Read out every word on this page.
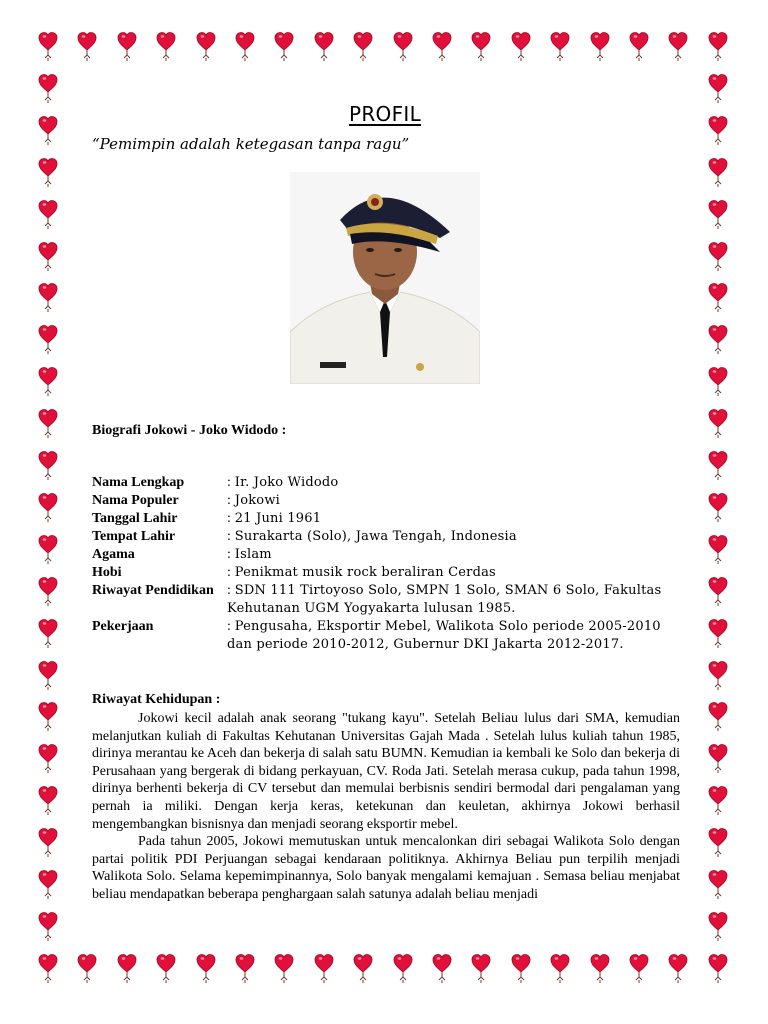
PROFIL
“Pemimpin adalah ketegasan tanpa ragu”
Biografi Jokowi - Joko Widodo :
Nama Lengkap	: Ir. Joko Widodo
Nama Populer	: Jokowi
Tanggal Lahir	: 21 Juni 1961
Tempat Lahir	: Surakarta (Solo), Jawa Tengah, Indonesia
Agama	: Islam
Hobi	: Penikmat musik rock beraliran Cerdas
Riwayat Pendidikan : SDN 111 Tirtoyoso Solo, SMPN 1 Solo, SMAN 6 Solo, Fakultas Kehutanan UGM Yogyakarta lulusan 1985.
Pekerjaan	: Pengusaha, Eksportir Mebel, Walikota Solo periode 2005-2010 dan periode 2010-2012, Gubernur DKI Jakarta 2012-2017.
Riwayat Kehidupan :

Jokowi kecil adalah anak seorang "tukang kayu". Setelah Beliau lulus dari SMA, kemudian melanjutkan kuliah di Fakultas Kehutanan Universitas Gajah Mada . Setelah lulus kuliah tahun 1985, dirinya merantau ke Aceh dan bekerja di salah satu BUMN. Kemudian ia kembali ke Solo dan bekerja di Perusahaan yang bergerak di bidang perkayuan, CV. Roda Jati. Setelah merasa cukup, pada tahun 1998, dirinya berhenti bekerja di CV tersebut dan memulai berbisnis sendiri bermodal dari pengalaman yang pernah ia miliki. Dengan kerja keras, ketekunan dan keuletan, akhirnya Jokowi berhasil mengembangkan bisnisnya dan menjadi seorang eksportir mebel.

Pada tahun 2005, Jokowi memutuskan untuk mencalonkan diri sebagai Walikota Solo dengan partai politik PDI Perjuangan sebagai kendaraan politiknya. Akhirnya Beliau pun terpilih menjadi Walikota Solo. Selama kepemimpinannya, Solo banyak mengalami kemajuan . Semasa beliau menjabat beliau mendapatkan beberapa penghargaan salah satunya adalah beliau menjadi
